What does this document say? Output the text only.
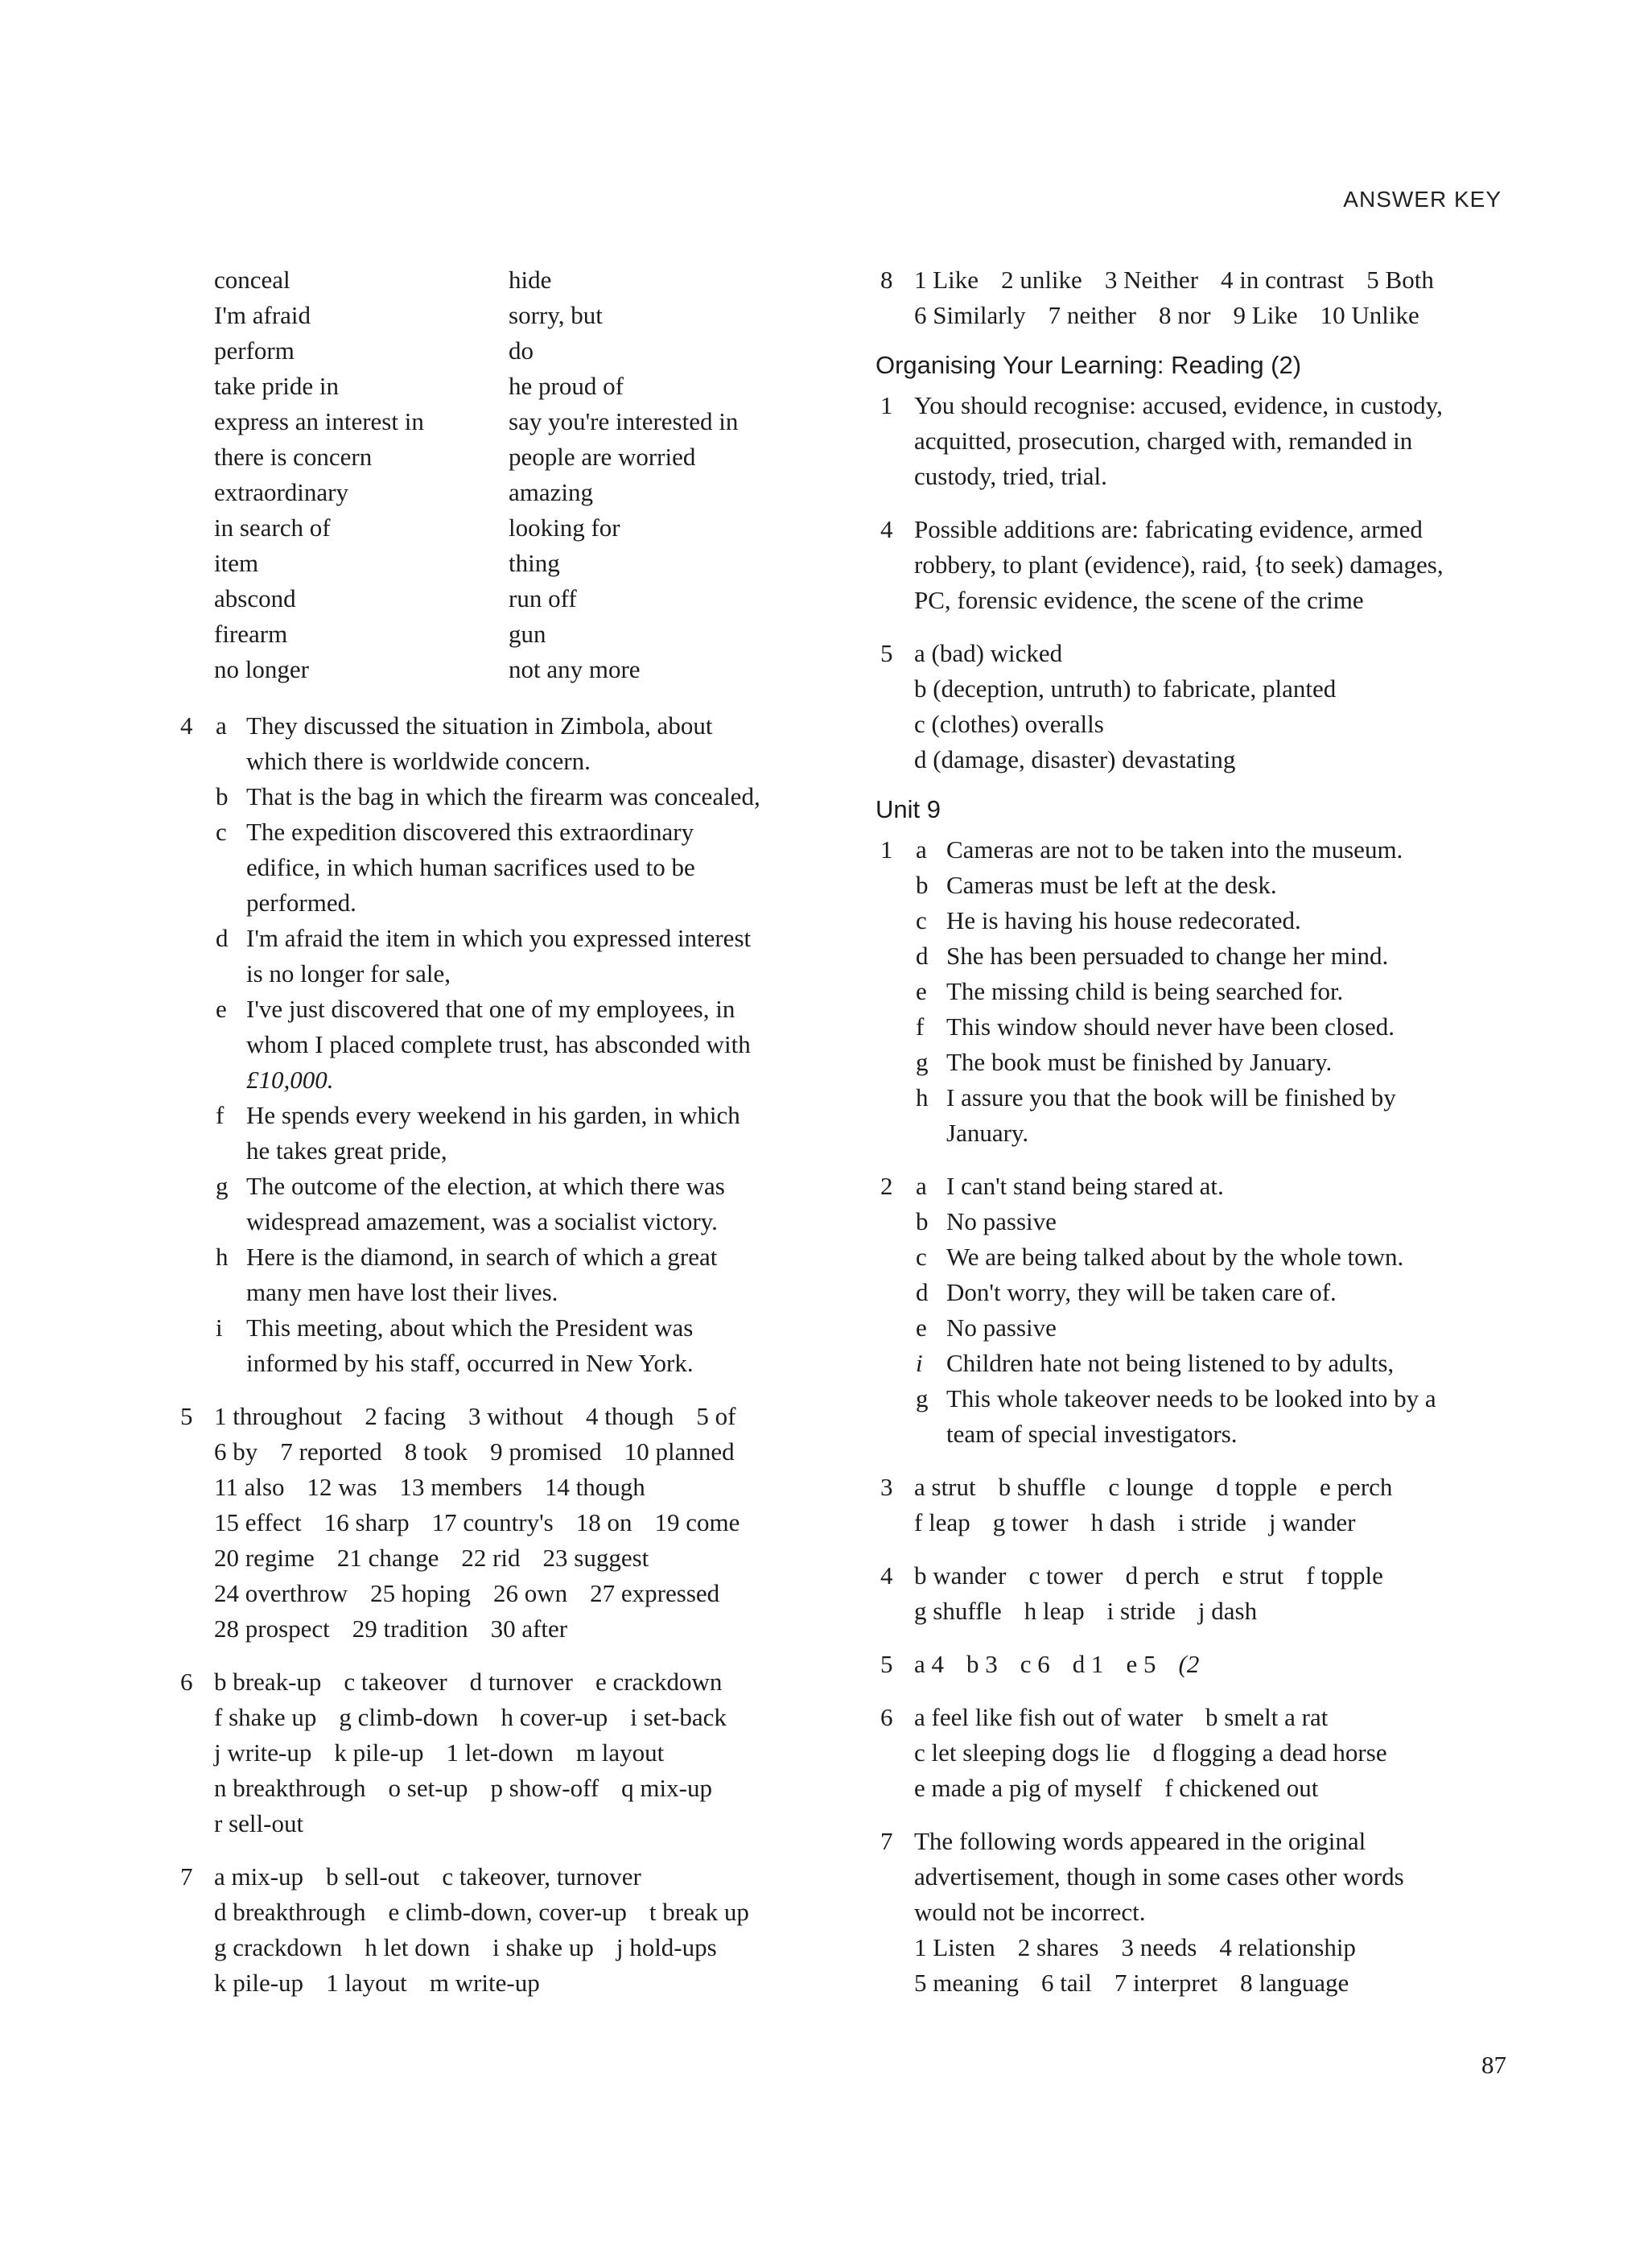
ANSWER KEY
conceal	hide
I'm afraid	sorry, but
perform	do
take pride in	he proud of
express an interest in	say you're interested in
there is concern	people are worried
extraordinary	amazing
in search of	looking for
item	thing
abscond	run off
firearm	gun
no longer	not any more
4 a They discussed the situation in Zimbola, about
which there is worldwide concern.
b That is the bag in which the firearm was concealed,
c The expedition discovered this extraordinary
edifice, in which human sacrifices used to be
performed.
d I'm afraid the item in which you expressed interest
is no longer for sale,
e I've just discovered that one of my employees, in
whom I placed complete trust, has absconded with
£10,000.
f He spends every weekend in his garden, in which
he takes great pride,
g The outcome of the election, at which there was
widespread amazement, was a socialist victory.
h Here is the diamond, in search of which a great
many men have lost their lives.
i This meeting, about which the President was
informed by his staff, occurred in New York.
5 1 throughout 2 facing 3 without 4 though 5 of
6 by 7 reported 8 took 9 promised 10 planned
11 also 12 was 13 members 14 though
15 effect 16 sharp 17 country's 18 on 19 come
20 regime 21 change 22 rid 23 suggest
24 overthrow 25 hoping 26 own 27 expressed
28 prospect 29 tradition 30 after
6 b break-up c takeover d turnover e crackdown
f shake up g climb-down h cover-up i set-back
j write-up k pile-up 1 let-down m layout
n breakthrough o set-up p show-off q mix-up
r sell-out
7 a mix-up b sell-out c takeover, turnover
d breakthrough e climb-down, cover-up t break up
g crackdown h let down i shake up j hold-ups
k pile-up 1 layout m write-up
8 1 Like 2 unlike 3 Neither 4 in contrast 5 Both
6 Similarly 7 neither 8 nor 9 Like 10 Unlike
Organising Your Learning: Reading (2)
1 You should recognise: accused, evidence, in custody,
acquitted, prosecution, charged with, remanded in
custody, tried, trial.
4 Possible additions are: fabricating evidence, armed
robbery, to plant (evidence), raid, {to seek) damages,
PC, forensic evidence, the scene of the crime
5 a (bad) wicked
b (deception, untruth) to fabricate, planted
c (clothes) overalls
d (damage, disaster) devastating
Unit 9
1 a Cameras are not to be taken into the museum.
b Cameras must be left at the desk.
c He is having his house redecorated.
d She has been persuaded to change her mind.
e The missing child is being searched for.
f This window should never have been closed.
g The book must be finished by January.
h I assure you that the book will be finished by
January.
2 a I can't stand being stared at.
b No passive
c We are being talked about by the whole town.
d Don't worry, they will be taken care of.
e No passive
i Children hate not being listened to by adults,
g This whole takeover needs to be looked into by a
team of special investigators.
3 a strut b shuffle c lounge d topple e perch
f leap g tower h dash i stride j wander
4 b wander c tower d perch e strut f topple
g shuffle h leap i stride j dash
5 a 4 b 3 c 6 d 1 e 5 (2
6 a feel like fish out of water b smelt a rat
c let sleeping dogs lie d flogging a dead horse
e made a pig of myself f chickened out
7 The following words appeared in the original
advertisement, though in some cases other words
would not be incorrect.
1 Listen 2 shares 3 needs 4 relationship
5 meaning 6 tail 7 interpret 8 language
87
